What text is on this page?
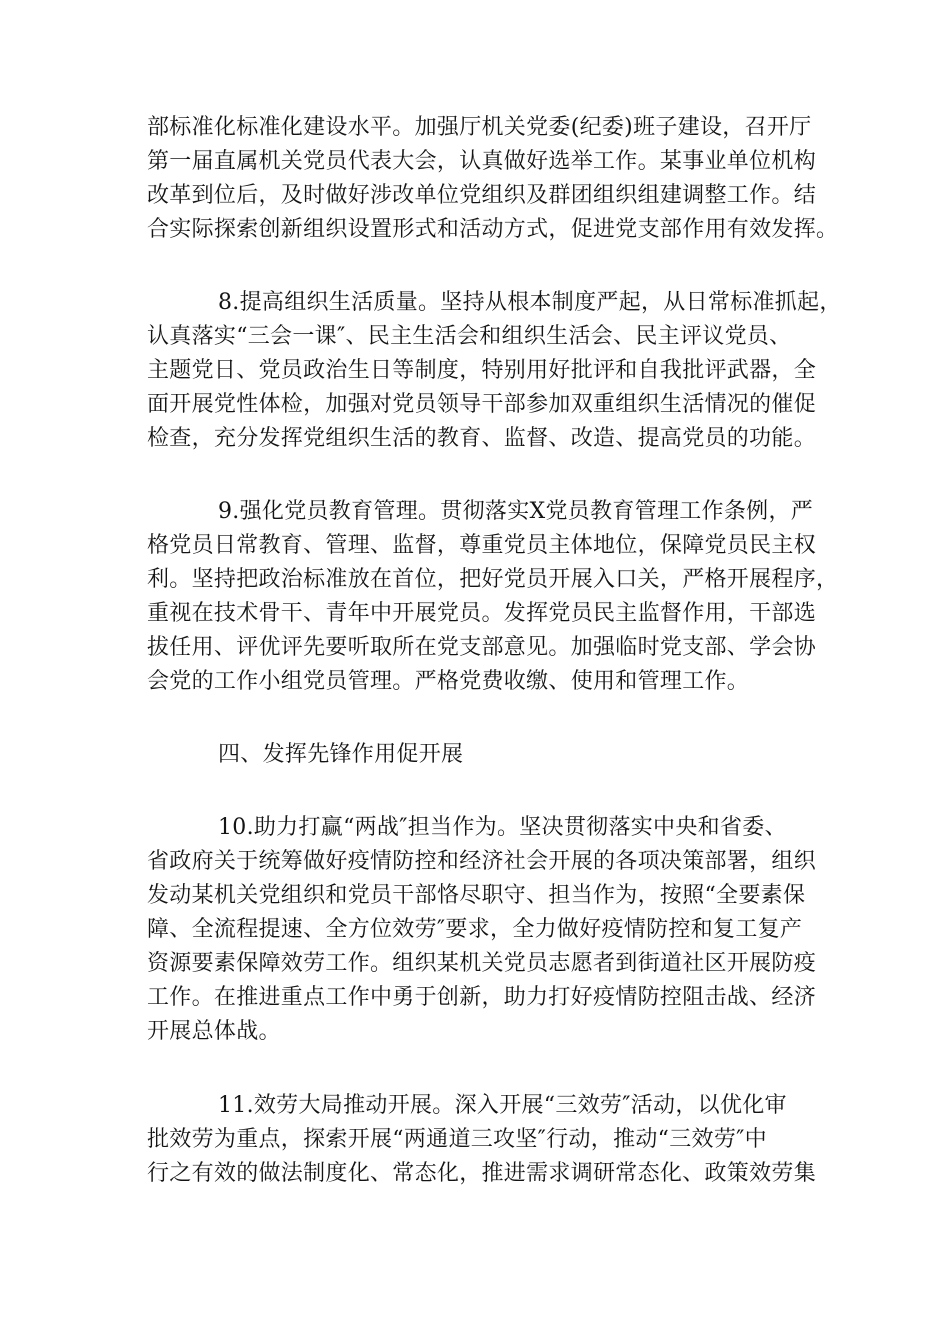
部标准化标准化建设水平。加强厅机关党委(纪委)班子建设，召开厅

第一届直属机关党员代表大会，认真做好选举工作。某事业单位机构

改革到位后，及时做好涉改单位党组织及群团组织组建调整工作。结

合实际探索创新组织设置形式和活动方式，促进党支部作用有效发挥。

8.提高组织生活质量。坚持从根本制度严起，从日常标准抓起，

认真落实“三会一课″、民主生活会和组织生活会、民主评议党员、

主题党日、党员政治生日等制度，特别用好批评和自我批评武器，全

面开展党性体检，加强对党员领导干部参加双重组织生活情况的催促

检查，充分发挥党组织生活的教育、监督、改造、提高党员的功能。

9.强化党员教育管理。贯彻落实X党员教育管理工作条例，严

格党员日常教育、管理、监督，尊重党员主体地位，保障党员民主权

利。坚持把政治标准放在首位，把好党员开展入口关，严格开展程序，

重视在技术骨干、青年中开展党员。发挥党员民主监督作用，干部选

拔任用、评优评先要听取所在党支部意见。加强临时党支部、学会协

会党的工作小组党员管理。严格党费收缴、使用和管理工作。

四、发挥先锋作用促开展

10.助力打赢“两战″担当作为。坚决贯彻落实中央和省委、

省政府关于统筹做好疫情防控和经济社会开展的各项决策部署，组织

发动某机关党组织和党员干部恪尽职守、担当作为，按照“全要素保

障、全流程提速、全方位效劳″要求，全力做好疫情防控和复工复产

资源要素保障效劳工作。组织某机关党员志愿者到街道社区开展防疫

工作。在推进重点工作中勇于创新，助力打好疫情防控阻击战、经济

开展总体战。

11.效劳大局推动开展。深入开展“三效劳″活动，以优化审

批效劳为重点，探索开展“两通道三攻坚″行动，推动“三效劳″中

行之有效的做法制度化、常态化，推进需求调研常态化、政策效劳集
